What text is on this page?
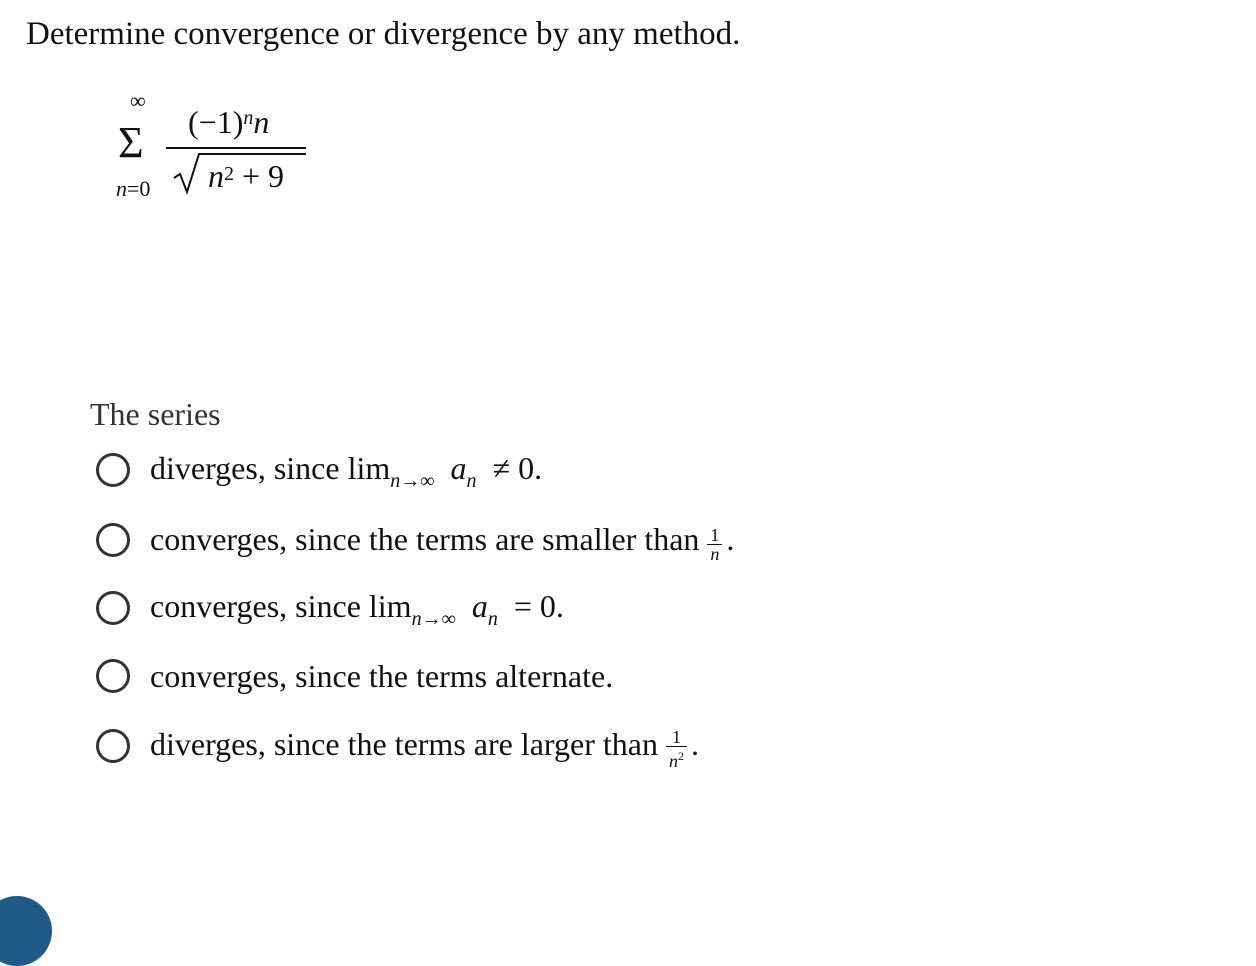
Determine convergence or divergence by any method.
∞
Σ
n=0
$(-1)^nn$
$n^2 + 9$
The series
diverges, since $\lim_{n\to\infty} a_n \ne 0$.
converges, since the terms are smaller than $\frac{1}{n}$ .
converges, since $\lim_{n\to\infty} a_n = 0$.
converges, since the terms alternate.
diverges, since the terms are larger than $\frac{1}{n^2}$ .
